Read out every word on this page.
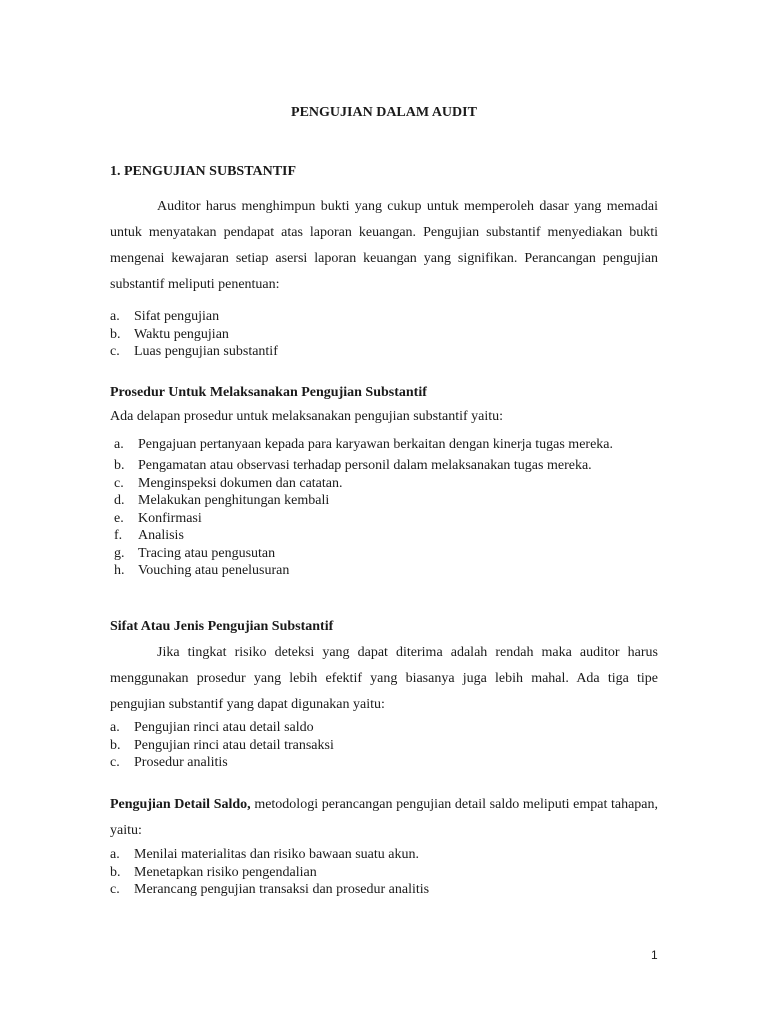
PENGUJIAN DALAM AUDIT

1. PENGUJIAN SUBSTANTIF

Auditor harus menghimpun bukti yang cukup untuk memperoleh dasar yang memadai untuk menyatakan pendapat atas laporan keuangan. Pengujian substantif menyediakan bukti mengenai kewajaran setiap asersi laporan keuangan yang signifikan. Perancangan pengujian substantif meliputi penentuan:

a. Sifat pengujian
b. Waktu pengujian
c. Luas pengujian substantif

Prosedur Untuk Melaksanakan Pengujian Substantif

Ada delapan prosedur untuk melaksanakan pengujian substantif yaitu:

a. Pengajuan pertanyaan kepada para karyawan berkaitan dengan kinerja tugas mereka.
b. Pengamatan atau observasi terhadap personil dalam melaksanakan tugas mereka.
c. Menginspeksi dokumen dan catatan.
d. Melakukan penghitungan kembali
e. Konfirmasi
f. Analisis
g. Tracing atau pengusutan
h. Vouching atau penelusuran

Sifat Atau Jenis Pengujian Substantif

Jika tingkat risiko deteksi yang dapat diterima adalah rendah maka auditor harus menggunakan prosedur yang lebih efektif yang biasanya juga lebih mahal. Ada tiga tipe pengujian substantif yang dapat digunakan yaitu:

a. Pengujian rinci atau detail saldo
b. Pengujian rinci atau detail transaksi
c. Prosedur analitis

Pengujian Detail Saldo, metodologi perancangan pengujian detail saldo meliputi empat tahapan, yaitu:

a. Menilai materialitas dan risiko bawaan suatu akun.
b. Menetapkan risiko pengendalian
c. Merancang pengujian transaksi dan prosedur analitis
1
